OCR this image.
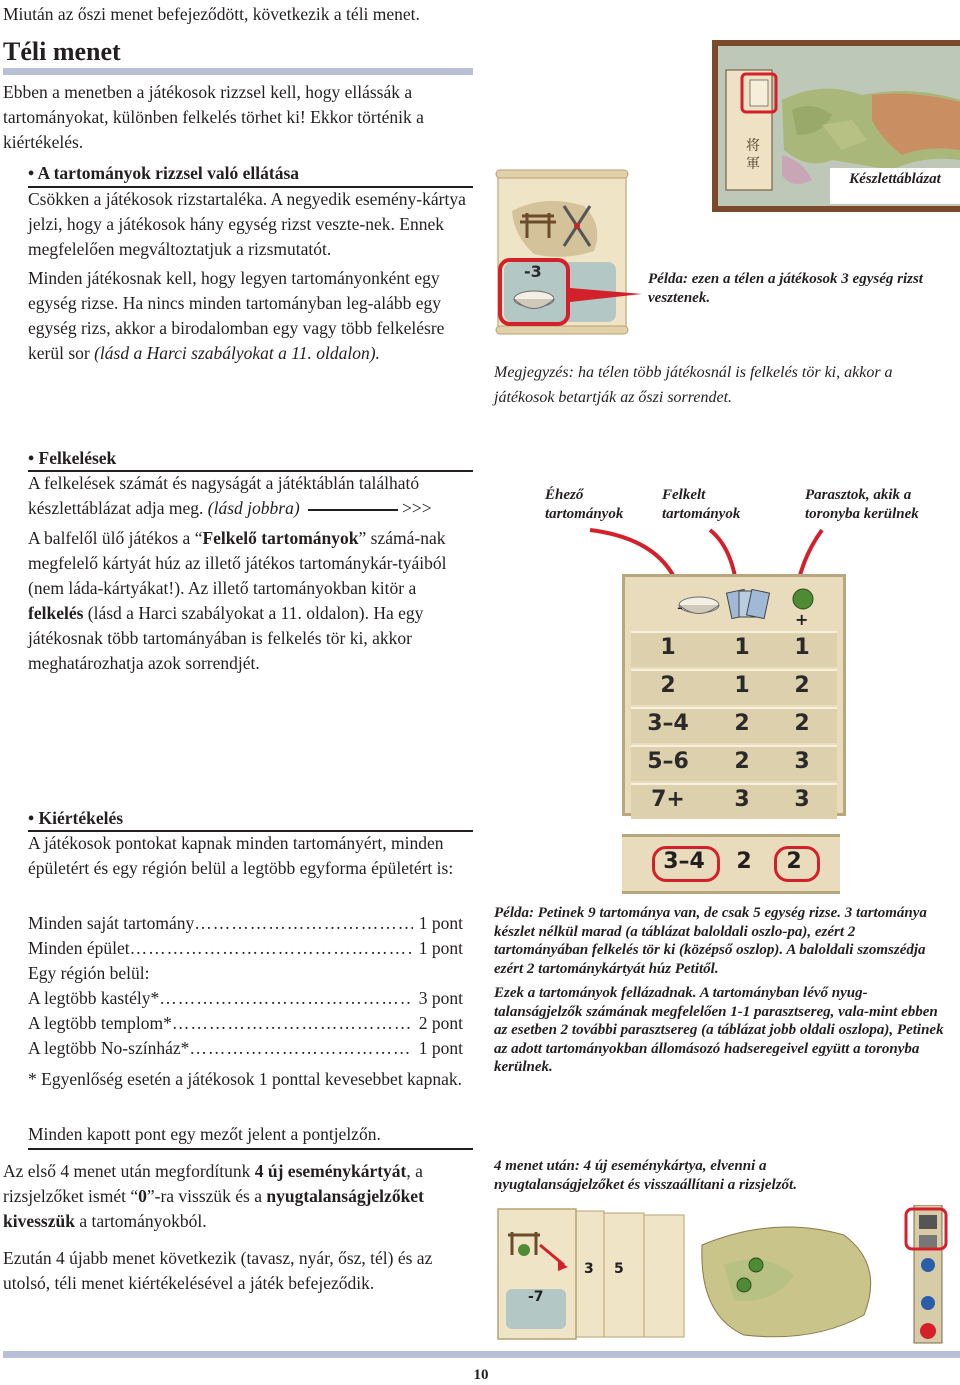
Miután az őszi menet befejeződött, következik a téli menet.
Téli menet
Ebben a menetben a játékosok rizzsel kell, hogy ellássák a tartományokat, különben felkelés törhet ki! Ekkor történik a kiértékelés.
• A tartományok rizzsel való ellátása
Csökken a játékosok rizstartaléka. A negyedik esemény-kártya jelzi, hogy a játékosok hány egység rizst veszte-nek. Ennek megfelelően megváltoztatjuk a rizsmutatót.
Minden játékosnak kell, hogy legyen tartományonként egy egység rizse. Ha nincs minden tartományban leg-alább egy egység rizs, akkor a birodalomban egy vagy több felkelésre kerül sor (lásd a Harci szabályokat a 11. oldalon).
• Felkelések
A felkelések számát és nagyságát a játéktáblán található készlettáblázat adja meg. (lásd jobbra)	>>>
A balfelől ülő játékos a “Felkelő tartományok” számá-nak megfelelő kártyát húz az illető játékos tartománykár-tyáiból (nem láda-kártyákat!). Az illető tartományokban kitör a felkelés (lásd a Harci szabályokat a 11. oldalon). Ha egy játékosnak több tartományában is felkelés tör ki, akkor meghatározhatja azok sorrendjét.
• Kiértékelés
A játékosok pontokat kapnak minden tartományért, minden épületért és egy régión belül a legtöbb egyforma épületért is:
Minden saját tartomány ……………………………………………………………………………………	1 pont
Minden épület ……………………………………………………………………………………	1 pont
Egy régión belül:
A legtöbb kastély* ……………………………………………………………………………………	3 pont
A legtöbb templom* ……………………………………………………………………………………	2 pont
A legtöbb No-színház* ……………………………………………………………………………………	1 pont
* Egyenlőség esetén a játékosok 1 ponttal kevesebbet kapnak.
Minden kapott pont egy mezőt jelent a pontjelzőn.
Az első 4 menet után megfordítunk 4 új eseménykártyát, a rizsjelzőket ismét “0”-ra visszük és a nyugtalanságjelzőket kivesszük a tartományokból.
Ezután 4 újabb menet következik (tavasz, nyár, ősz, tél) és az utolsó, téli menet kiértékelésével a játék befejeződik.
将
軍
Készlettáblázat
-3	Példa: ezen a télen a játékosok 3 egység rizst vesztenek.
Megjegyzés: ha télen több játékosnál is felkelés tör ki, akkor a játékosok betartják az őszi sorrendet.
Éhező tartományok
Felkelt tartományok
Parasztok, akik a toronyba kerülnek
-
+
1	1	1
2	1	2
3–4	2	2
5–6	2	3
7+	3	3
3–4	2	2
Példa: Petinek 9 tartománya van, de csak 5 egység rizse. 3 tartománya készlet nélkül marad (a táblázat baloldali oszlo-pa), ezért 2 tartományában felkelés tör ki (középső oszlop). A baloldali szomszédja ezért 2 tartománykártyát húz Petitől.
Ezek a tartományok fellázadnak. A tartományban lévő nyug-talanságjelzők számának megfelelően 1-1 parasztsereg, vala-mint ebben az esetben 2 további parasztsereg (a táblázat jobb oldali oszlopa), Petinek az adott tartományokban állomásozó hadseregeivel együtt a toronyba kerülnek.
4 menet után: 4 új eseménykártya, elvenni a nyugtalanságjelzőket és visszaállítani a rizsjelzőt.
3 5
-7
10
